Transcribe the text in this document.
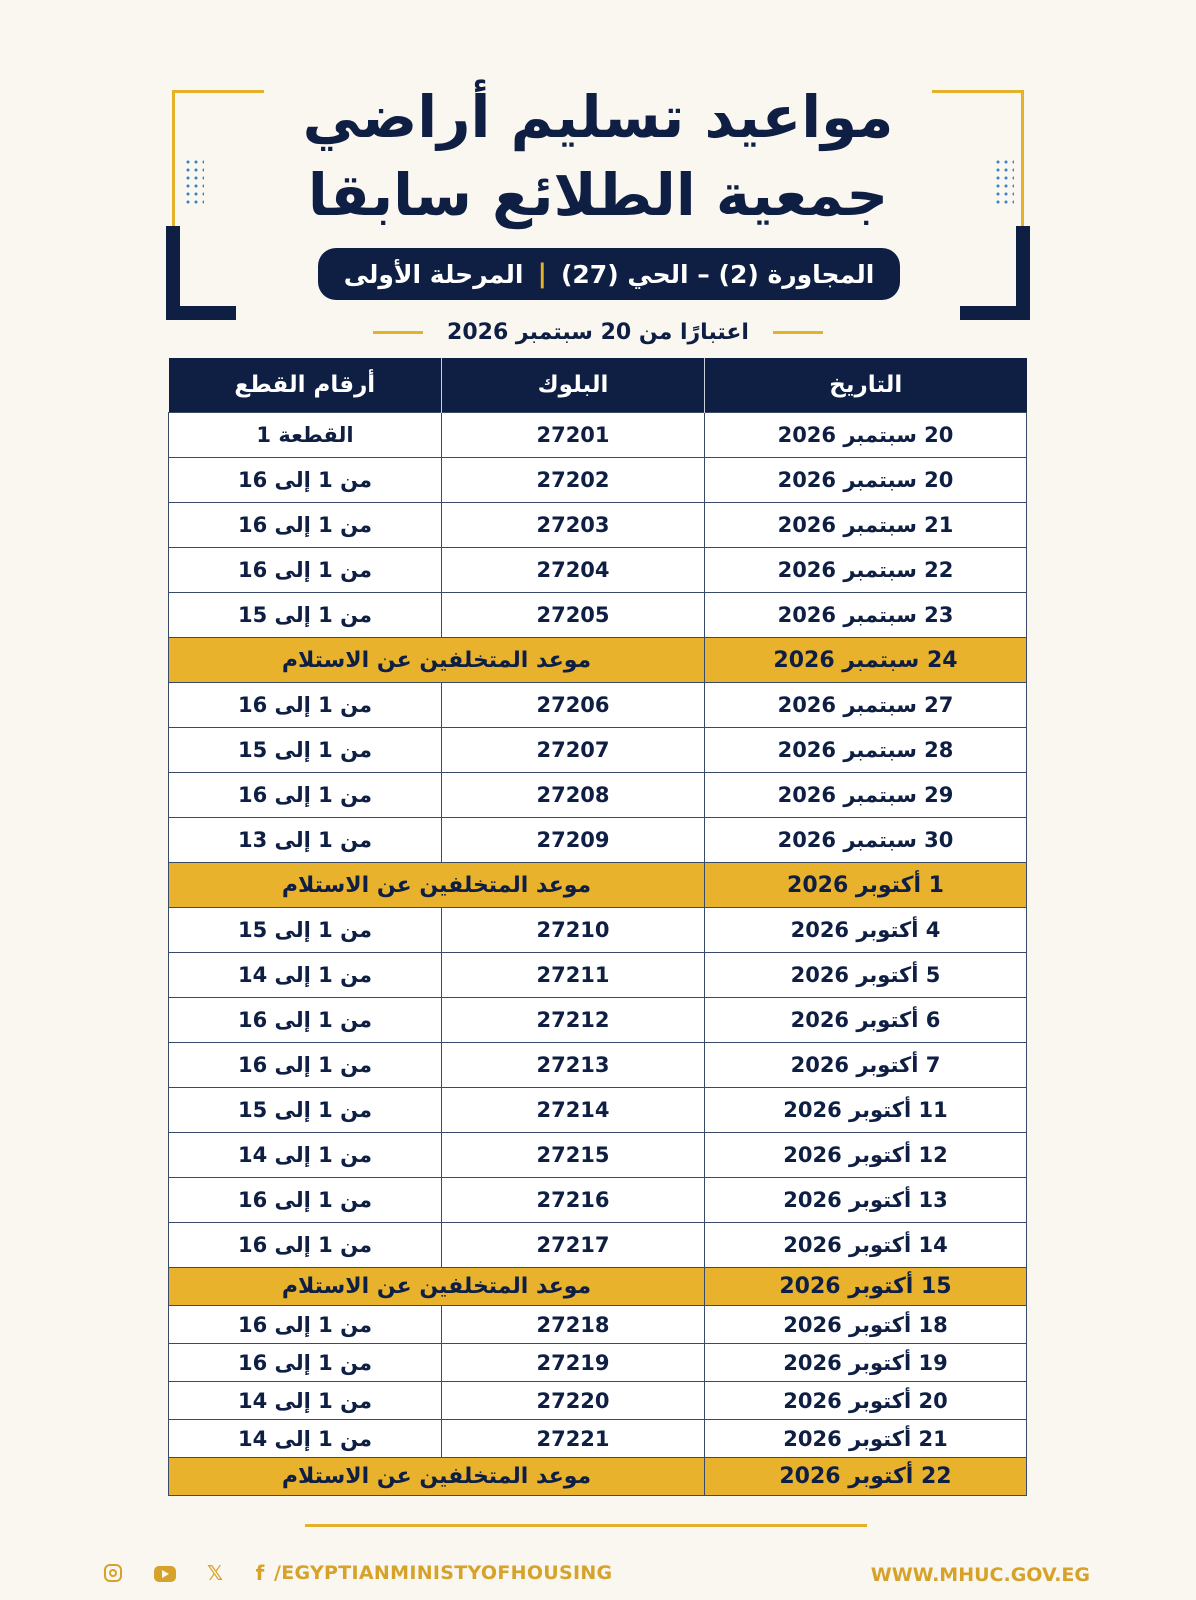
مواعيد تسليم أراضي
جمعية الطلائع سابقا
المجاورة (2) – الحي (27)
|
المرحلة الأولى
اعتبارًا من 20 سبتمبر 2026
التاريخ	البلوك	أرقام القطع
20 سبتمبر 2026	27201	القطعة 1
20 سبتمبر 2026	27202	من 1 إلى 16
21 سبتمبر 2026	27203	من 1 إلى 16
22 سبتمبر 2026	27204	من 1 إلى 16
23 سبتمبر 2026	27205	من 1 إلى 15
24 سبتمبر 2026	موعد المتخلفين عن الاستلام	
27 سبتمبر 2026	27206	من 1 إلى 16
28 سبتمبر 2026	27207	من 1 إلى 15
29 سبتمبر 2026	27208	من 1 إلى 16
30 سبتمبر 2026	27209	من 1 إلى 13
1 أكتوبر 2026	موعد المتخلفين عن الاستلام	
4 أكتوبر 2026	27210	من 1 إلى 15
5 أكتوبر 2026	27211	من 1 إلى 14
6 أكتوبر 2026	27212	من 1 إلى 16
7 أكتوبر 2026	27213	من 1 إلى 16
11 أكتوبر 2026	27214	من 1 إلى 15
12 أكتوبر 2026	27215	من 1 إلى 14
13 أكتوبر 2026	27216	من 1 إلى 16
14 أكتوبر 2026	27217	من 1 إلى 16
15 أكتوبر 2026	موعد المتخلفين عن الاستلام	
18 أكتوبر 2026	27218	من 1 إلى 16
19 أكتوبر 2026	27219	من 1 إلى 16
20 أكتوبر 2026	27220	من 1 إلى 14
21 أكتوبر 2026	27221	من 1 إلى 14
22 أكتوبر 2026	موعد المتخلفين عن الاستلام	
𝕏 f /EGYPTIANMINISTYOFHOUSING	WWW.MHUC.GOV.EG
